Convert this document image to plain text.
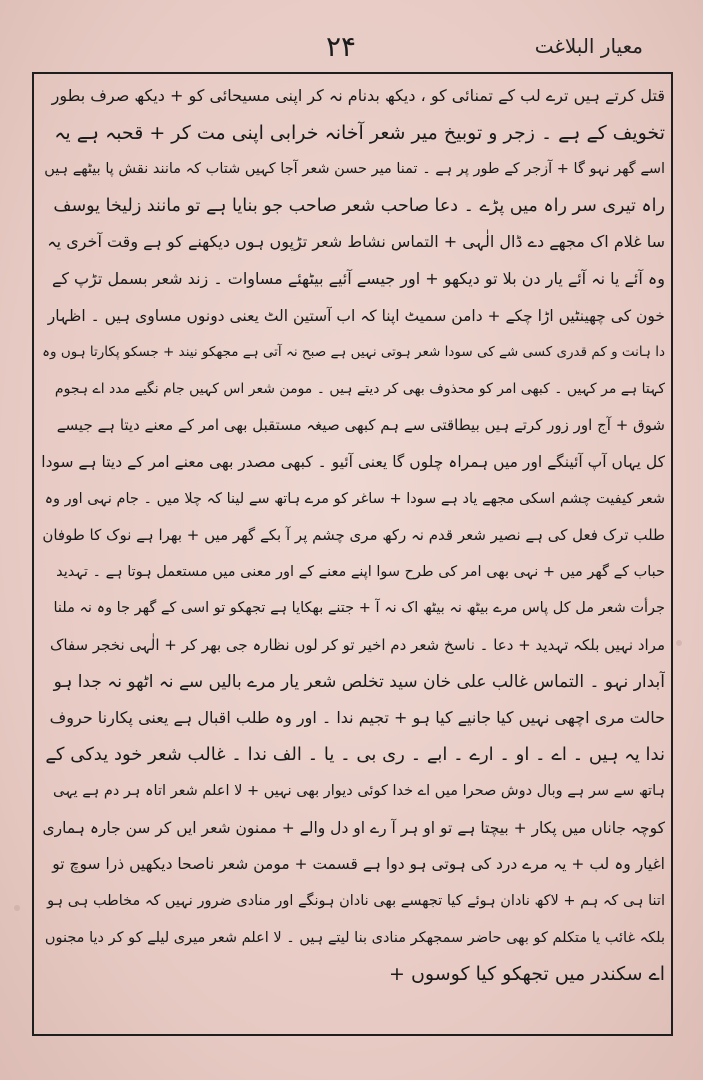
۲۴	معیار البلاغت
قتل کرتے ہیں ترے لب کے تمنائی کو ، دیکھ بدنام نہ کر اپنی مسیحائی کو + دیکھ صرف بطور
تخویف کے ہے ۔ زجر و توبیخ میر شعر آخانہ خرابی اپنی مت کر + قحبہ ہے یہ
اسے گھر نہو گا + آزجر کے طور پر ہے ۔ تمنا میر حسن شعر آجا کہیں شتاب کہ مانند نقش پا بیٹھے ہیں
راہ تیری سر راہ میں پڑے ۔ دعا صاحب شعر صاحب جو بنایا ہے تو مانند زلیخا یوسف
سا غلام اک مجھے دے ڈال الٰہی + التماس نشاط شعر تڑپوں ہوں دیکھنے کو ہے وقت آخری یہ
وہ آئے یا نہ آئے یار دن بلا تو دیکھو + اور جیسے آئیے بیٹھئے مساوات ۔ زند شعر بسمل تڑپ کے
خون کی چھینٹیں اڑا چکے + دامن سمیٹ اپنا کہ اب آستین الٹ یعنی دونوں مساوی ہیں ۔ اظہار
دا ہانت و کم قدری کسی شے کی سودا شعر ہوتی نہیں ہے صبح نہ آتی ہے مجھکو نیند + جسکو پکارتا ہوں وہ
کہتا ہے مر کہیں ۔ کبھی امر کو محذوف بھی کر دیتے ہیں ۔ مومن شعر اس کہیں جام نگیے مدد اے ہجوم
شوق + آج اور زور کرتے ہیں بیطاقتی سے ہم کبھی صیغہ مستقبل بھی امر کے معنے دیتا ہے جیسے
کل یہاں آپ آئینگے اور میں ہمراہ چلوں گا یعنی آئیو ۔ کبھی مصدر بھی معنے امر کے دیتا ہے سودا
شعر کیفیت چشم اسکی مجھے یاد ہے سودا + ساغر کو مرے ہاتھ سے لینا کہ چلا میں ۔ جام نہی اور وہ
طلب ترک فعل کی ہے نصیر شعر قدم نہ رکھ مری چشم پر آ بکے گھر میں + بھرا ہے نوک کا طوفان
حباب کے گھر میں + نہی بھی امر کی طرح سوا اپنے معنے کے اور معنی میں مستعمل ہوتا ہے ۔ تہدید
جرأت شعر مل کل پاس مرے بیٹھ نہ بیٹھ اک نہ آ + جتنے بھکایا ہے تجھکو تو اسی کے گھر جا وہ نہ ملنا
مراد نہیں بلکہ تہدید + دعا ۔ ناسخ شعر دم اخیر تو کر لوں نظارہ جی بھر کر + الٰہی نخجر سفاک
آبدار نہو ۔ التماس غالب علی خان سید تخلص شعر یار مرے بالیں سے نہ اٹھو نہ جدا ہو
حالت مری اچھی نہیں کیا جانیے کیا ہو + تجیم ندا ۔ اور وہ طلب اقبال ہے یعنی پکارنا حروف
ندا یہ ہیں ۔ اے ۔ او ۔ ارے ۔ ابے ۔ ری بی ۔ یا ۔ الف ندا ۔ غالب شعر خود یدکی کے
ہاتھ سے سر ہے وبال دوش صحرا میں اے خدا کوئی دیوار بھی نہیں + لا اعلم شعر اتاہ ہر دم ہے یہی
کوچہ جاناں میں پکار + بیچتا ہے تو او ہر آ رے او دل والے + ممنون شعر ایں کر سن جارہ ہماری
اغیار وہ لب + یہ مرے درد کی ہوتی ہو دوا ہے قسمت + مومن شعر ناصحا دیکھیں ذرا سوچ تو
اتنا ہی کہ ہم + لاکھ نادان ہوئے کیا تجھسے بھی نادان ہونگے اور منادی ضرور نہیں کہ مخاطب ہی ہو
بلکہ غائب یا متکلم کو بھی حاضر سمجھکر منادی بنا لیتے ہیں ۔ لا اعلم شعر میری لیلے کو کر دیا مجنوں
اے سکندر میں تجھکو کیا کوسوں +
